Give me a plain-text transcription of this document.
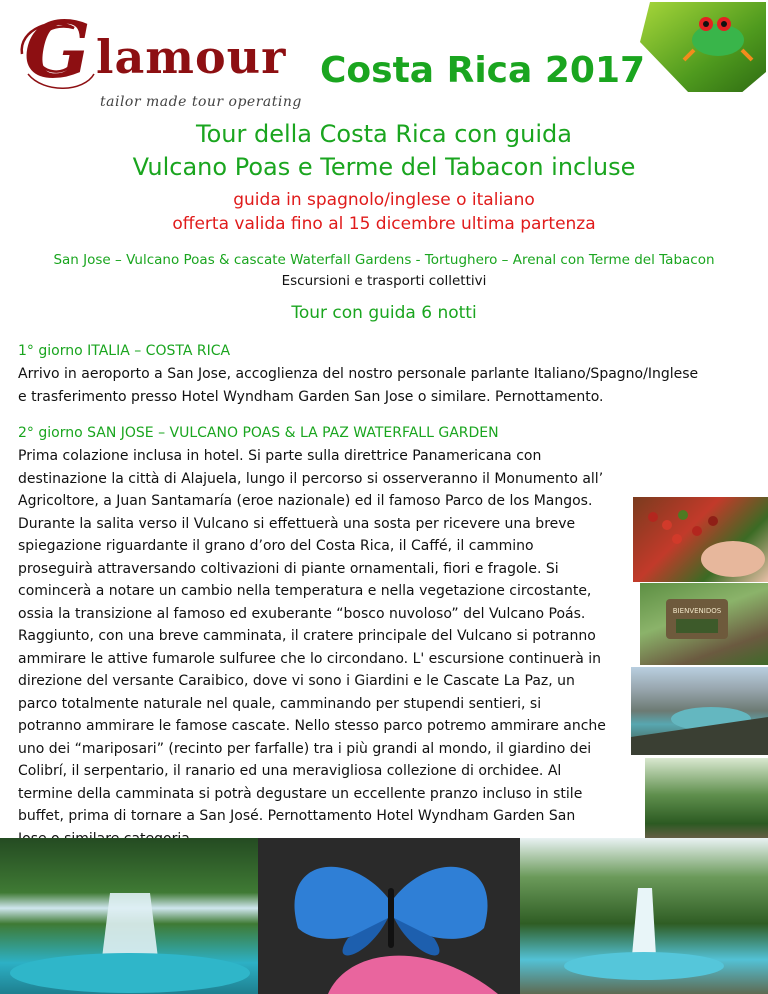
G lamour
tailor made tour operating
Costa Rica 2017
Tour della Costa Rica con guida
Vulcano Poas e Terme del Tabacon incluse
guida in spagnolo/inglese o italiano
offerta valida fino al 15 dicembre ultima partenza
San Jose – Vulcano Poas & cascate Waterfall Gardens - Tortughero – Arenal con Terme del Tabacon
Escursioni e trasporti collettivi
Tour con guida 6 notti
1° giorno ITALIA – COSTA RICA
Arrivo in aeroporto a San Jose, accoglienza del nostro personale parlante Italiano/Spagno/Inglese
e trasferimento presso Hotel Wyndham Garden San Jose o similare. Pernottamento.
2° giorno SAN JOSE – VULCANO POAS & LA PAZ WATERFALL GARDEN
Prima colazione inclusa in hotel. Si parte sulla direttrice Panamericana con
destinazione la città di Alajuela, lungo il percorso si osserveranno il Monumento all’
Agricoltore, a Juan Santamaría (eroe nazionale) ed il famoso Parco de los Mangos.
Durante la salita verso il Vulcano si effettuerà una sosta per ricevere una breve
spiegazione riguardante il grano d’oro del Costa Rica, il Caffé, il cammino
proseguirà attraversando coltivazioni di piante ornamentali, fiori e fragole. Si
comincerà a notare un cambio nella temperatura e nella vegetazione circostante,
ossia la transizione al famoso ed exuberante “bosco nuvoloso” del Vulcano Poás.
Raggiunto, con una breve camminata, il cratere principale del Vulcano si potranno
ammirare le attive fumarole sulfuree che lo circondano. L' escursione continuerà in
direzione del versante Caraibico, dove vi sono i Giardini e le Cascate La Paz, un
parco totalmente naturale nel quale, camminando per stupendi sentieri, si
potranno ammirare le famose cascate. Nello stesso parco potremo ammirare anche
uno dei “mariposari” (recinto per farfalle) tra i più grandi al mondo, il giardino dei
Colibrí, il serpentario, il ranario ed una meravigliosa collezione di orchidee. Al
termine della camminata si potrà degustare un eccellente pranzo incluso in stile
buffet, prima di tornare a San José. Pernottamento Hotel Wyndham Garden San
BIENVENIDOS
